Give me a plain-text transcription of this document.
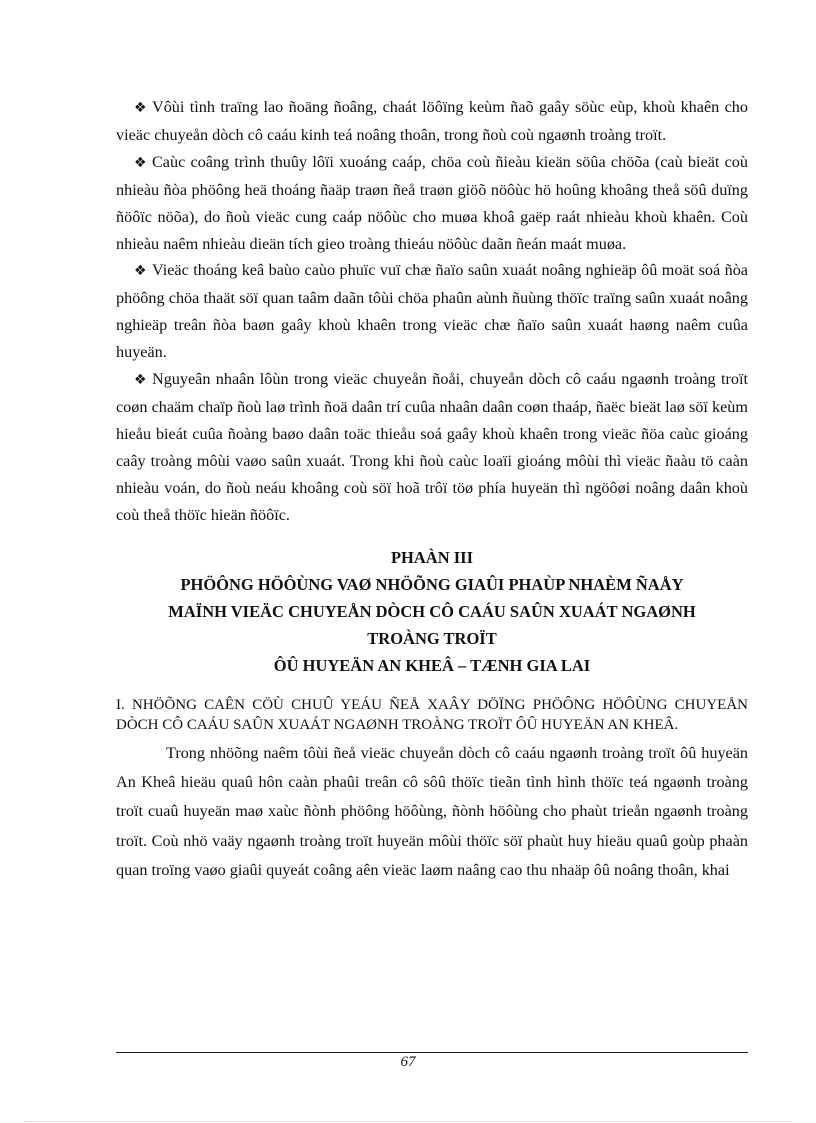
❖ Vôùi tình traïng lao ñoäng ñoâng, chaát löôïng keùm ñaõ gaây söùc eùp, khoù khaên cho vieäc chuyeån dòch cô caáu kinh teá noâng thoân, trong ñoù coù ngaønh troàng troït.

❖ Caùc coâng trình thuûy lôïi xuoáng caáp, chöa coù ñieàu kieän söûa chöõa (caù bieät coù nhieàu ñòa phöông heä thoáng ñaäp traøn ñeå traøn giöõ nöôùc hö hoûng khoâng theå söû duïng ñöôïc nöõa), do ñoù vieäc cung caáp nöôùc cho muøa khoâ gaëp raát nhieàu khoù khaên. Coù nhieàu naêm nhieàu dieän tích gieo troàng thieáu nöôùc daãn ñeán maát muøa.

❖ Vieäc thoáng keâ baùo caùo phuïc vuï chæ ñaïo saûn xuaát noâng nghieäp ôû moät soá ñòa phöông chöa thaät söï quan taâm daãn tôùi chöa phaûn aùnh ñuùng thöïc traïng saûn xuaát noâng nghieäp treân ñòa baøn gaây khoù khaên trong vieäc chæ ñaïo saûn xuaát haøng naêm cuûa huyeän.

❖ Nguyeân nhaân lôùn trong vieäc chuyeån ñoåi, chuyeån dòch cô caáu ngaønh troàng troït coøn chaäm chaïp ñoù laø trình ñoä daân trí cuûa nhaân daân coøn thaáp, ñaëc bieät laø söï keùm hieåu bieát cuûa ñoàng baøo daân toäc thieåu soá gaây khoù khaên trong vieäc ñöa caùc gioáng caây troàng môùi vaøo saûn xuaát. Trong khi ñoù caùc loaïi gioáng môùi thì vieäc ñaàu tö caàn nhieàu voán, do ñoù neáu khoâng coù söï hoã trôï töø phía huyeän thì ngöôøi noâng daân khoù coù theå thöïc hieän ñöôïc.

PHAÀN III
PHÖÔNG HÖÔÙNG VAØ NHÖÕNG GIAÛI PHAÙP NHAÈM ÑAÅY
MAÏNH VIEÄC CHUYEÅN DÒCH CÔ CAÁU SAÛN XUAÁT NGAØNH
TROÀNG TROÏT
ÔÛ HUYEÄN AN KHEÂ – TÆNH GIA LAI
I. NHÖÕNG CAÊN CÖÙ CHUÛ YEÁU ÑEÅ XAÂY DÖÏNG PHÖÔNG HÖÔÙNG CHUYEÅN DÒCH CÔ CAÁU SAÛN XUAÁT NGAØNH TROÀNG TROÏT ÔÛ HUYEÄN AN KHEÂ.

Trong nhöõng naêm tôùi ñeå vieäc chuyeån dòch cô caáu ngaønh troàng troït ôû huyeän An Kheâ hieäu quaû hôn caàn phaûi treân cô sôû thöïc tieãn tình hình thöïc teá ngaønh troàng troït cuaû huyeän maø xaùc ñònh phöông höôùng, ñònh höôùng cho phaùt trieån ngaønh troàng troït. Coù nhö vaäy ngaønh troàng troït huyeän môùi thöïc söï phaùt huy hieäu quaû goùp phaàn quan troïng vaøo giaûi quyeát coâng aên vieäc laøm naâng cao thu nhaäp ôû noâng thoân, khai

67
